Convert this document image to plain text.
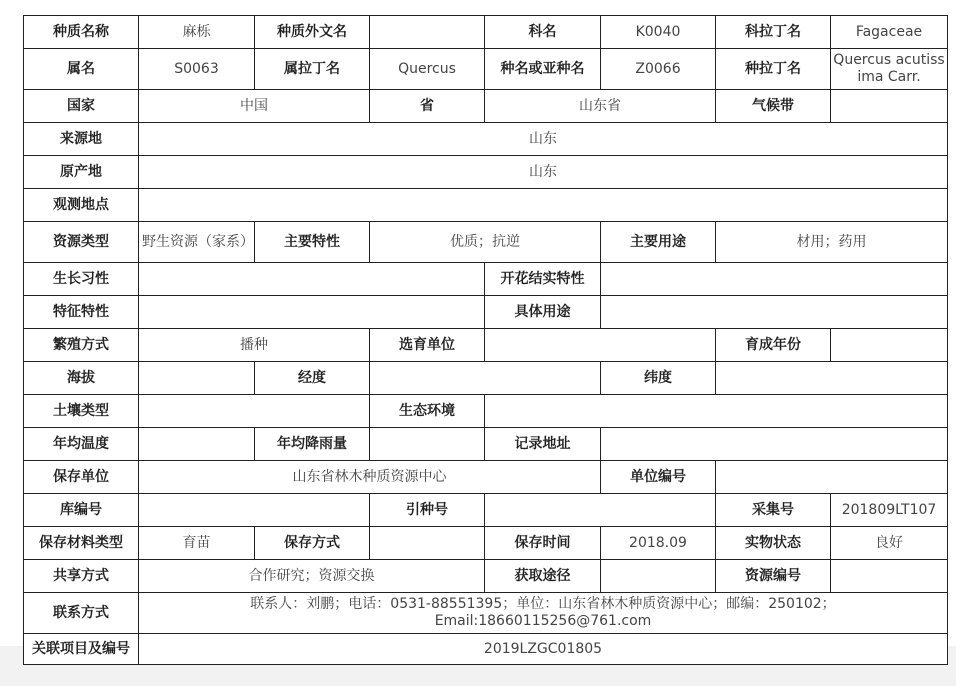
种质名称	麻栎	种质外文名		科名	K0040	科拉丁名	Fagaceae
属名	S0063	属拉丁名	Quercus	种名或亚种名	Z0066	种拉丁名	Quercus acutissima Carr.
国家	中国		省	山东省		气候带	
来源地	山东						
原产地	山东						
观测地点							
资源类型	野生资源（家系）	主要特性	优质；抗逆		主要用途	材用；药用	
生长习性				开花结实特性			
特征特性				具体用途			
繁殖方式	播种		选育单位			育成年份	
海拔		经度			纬度		
土壤类型			生态环境				
年均温度		年均降雨量		记录地址			
保存单位	山东省林木种质资源中心				单位编号		
库编号			引种号			采集号	201809LT107
保存材料类型	育苗	保存方式		保存时间	2018.09	实物状态	良好
共享方式	合作研究；资源交换			获取途径		资源编号	
联系方式	联系人：刘鹏；电话：0531-88551395；单位：山东省林木种质资源中心；邮编：250102；
Email:18660115256@761.com						

关联项目及编号	2019LZGC01805						
